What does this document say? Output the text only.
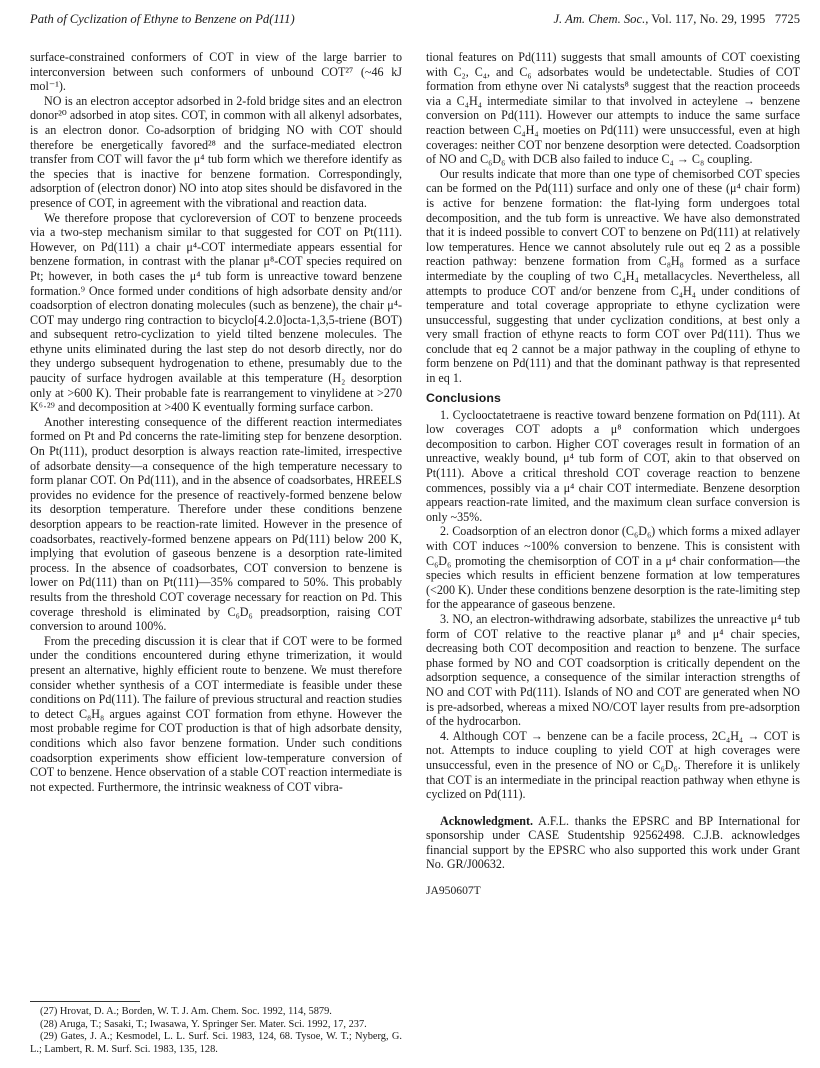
Path of Cyclization of Ethyne to Benzene on Pd(111)	J. Am. Chem. Soc., Vol. 117, No. 29, 1995 7725

surface-constrained conformers of COT in view of the large barrier to interconversion between such conformers of unbound COT²⁷ (~46 kJ mol⁻¹).

NO is an electron acceptor adsorbed in 2-fold bridge sites and an electron donor²⁰ adsorbed in atop sites. COT, in common with all alkenyl adsorbates, is an electron donor. Co-adsorption of bridging NO with COT should therefore be energetically favored²⁸ and the surface-mediated electron transfer from COT will favor the μ⁴ tub form which we therefore identify as the species that is inactive for benzene formation. Correspondingly, adsorption of (electron donor) NO into atop sites should be disfavored in the presence of COT, in agreement with the vibrational and reaction data.

We therefore propose that cycloreversion of COT to benzene proceeds via a two-step mechanism similar to that suggested for COT on Pt(111). However, on Pd(111) a chair μ⁴-COT intermediate appears essential for benzene formation, in contrast with the planar μ⁸-COT species required on Pt; however, in both cases the μ⁴ tub form is unreactive toward benzene formation.⁹ Once formed under conditions of high adsorbate density and/or coadsorption of electron donating molecules (such as benzene), the chair μ⁴-COT may undergo ring contraction to bicyclo[4.2.0]octa-1,3,5-triene (BOT) and subsequent retro-cyclization to yield tilted benzene molecules. The ethyne units eliminated during the last step do not desorb directly, nor do they undergo subsequent hydrogenation to ethene, presumably due to the paucity of surface hydrogen available at this temperature (H₂ desorption only at >600 K). Their probable fate is rearrangement to vinylidene at >270 K⁶·²⁹ and decomposition at >400 K eventually forming surface carbon.

Another interesting consequence of the different reaction intermediates formed on Pt and Pd concerns the rate-limiting step for benzene desorption. On Pt(111), product desorption is always reaction rate-limited, irrespective of adsorbate density—a consequence of the high temperature necessary to form planar COT. On Pd(111), and in the absence of coadsorbates, HREELS provides no evidence for the presence of reactively-formed benzene below its desorption temperature. Therefore under these conditions benzene desorption appears to be reaction-rate limited. However in the presence of coadsorbates, reactively-formed benzene appears on Pd(111) below 200 K, implying that evolution of gaseous benzene is a desorption rate-limited process. In the absence of coadsorbates, COT conversion to benzene is lower on Pd(111) than on Pt(111)—35% compared to 50%. This probably results from the threshold COT coverage necessary for reaction on Pd. This coverage threshold is eliminated by C₆D₆ preadsorption, raising COT conversion to around 100%.

From the preceding discussion it is clear that if COT were to be formed under the conditions encountered during ethyne trimerization, it would present an alternative, highly efficient route to benzene. We must therefore consider whether synthesis of a COT intermediate is feasible under these conditions on Pd(111). The failure of previous structural and reaction studies to detect C₈H₈ argues against COT formation from ethyne. However the most probable regime for COT production is that of high adsorbate density, conditions which also favor benzene formation. Under such conditions coadsorption experiments show efficient low-temperature conversion of COT to benzene. Hence observation of a stable COT reaction intermediate is not expected. Furthermore, the intrinsic weakness of COT vibra-

(27) Hrovat, D. A.; Borden, W. T. J. Am. Chem. Soc. 1992, 114, 5879.
(28) Aruga, T.; Sasaki, T.; Iwasawa, Y. Springer Ser. Mater. Sci. 1992, 17, 237.
(29) Gates, J. A.; Kesmodel, L. L. Surf. Sci. 1983, 124, 68. Tysoe, W. T.; Nyberg, G. L.; Lambert, R. M. Surf. Sci. 1983, 135, 128.

tional features on Pd(111) suggests that small amounts of COT coexisting with C₂, C₄, and C₆ adsorbates would be undetectable. Studies of COT formation from ethyne over Ni catalysts⁸ suggest that the reaction proceeds via a C₄H₄ intermediate similar to that involved in acteylene → benzene conversion on Pd(111). However our attempts to induce the same surface reaction between C₄H₄ moeties on Pd(111) were unsuccessful, even at high coverages: neither COT nor benzene desorption were detected. Coadsorption of NO and C₆D₆ with DCB also failed to induce C₄ → C₈ coupling.

Our results indicate that more than one type of chemisorbed COT species can be formed on the Pd(111) surface and only one of these (μ⁴ chair form) is active for benzene formation: the flat-lying form undergoes total decomposition, and the tub form is unreactive. We have also demonstrated that it is indeed possible to convert COT to benzene on Pd(111) at relatively low temperatures. Hence we cannot absolutely rule out eq 2 as a possible reaction pathway: benzene formation from C₈H₈ formed as a surface intermediate by the coupling of two C₄H₄ metallacycles. Nevertheless, all attempts to produce COT and/or benzene from C₄H₄ under conditions of temperature and total coverage appropriate to ethyne cyclization were unsuccessful, suggesting that under cyclization conditions, at best only a very small fraction of ethyne reacts to form COT over Pd(111). Thus we conclude that eq 2 cannot be a major pathway in the coupling of ethyne to form benzene on Pd(111) and that the dominant pathway is that represented in eq 1.

Conclusions

1. Cyclooctatetraene is reactive toward benzene formation on Pd(111). At low coverages COT adopts a μ⁸ conformation which undergoes decomposition to carbon. Higher COT coverages result in formation of an unreactive, weakly bound, μ⁴ tub form of COT, akin to that observed on Pt(111). Above a critical threshold COT coverage reaction to benzene commences, possibly via a μ⁴ chair COT intermediate. Benzene desorption appears reaction-rate limited, and the maximum clean surface conversion is only ~35%.

2. Coadsorption of an electron donor (C₆D₆) which forms a mixed adlayer with COT induces ~100% conversion to benzene. This is consistent with C₆D₆ promoting the chemisorption of COT in a μ⁴ chair conformation—the species which results in efficient benzene formation at low temperatures (<200 K). Under these conditions benzene desorption is the rate-limiting step for the appearance of gaseous benzene.

3. NO, an electron-withdrawing adsorbate, stabilizes the unreactive μ⁴ tub form of COT relative to the reactive planar μ⁸ and μ⁴ chair species, decreasing both COT decomposition and reaction to benzene. The surface phase formed by NO and COT coadsorption is critically dependent on the adsorption sequence, a consequence of the similar interaction strengths of NO and COT with Pd(111). Islands of NO and COT are generated when NO is pre-adsorbed, whereas a mixed NO/COT layer results from pre-adsorption of the hydrocarbon.

4. Although COT → benzene can be a facile process, 2C₄H₄ → COT is not. Attempts to induce coupling to yield COT at high coverages were unsuccessful, even in the presence of NO or C₆D₆. Therefore it is unlikely that COT is an intermediate in the principal reaction pathway when ethyne is cyclized on Pd(111).

Acknowledgment. A.F.L. thanks the EPSRC and BP International for sponsorship under CASE Studentship 92562498. C.J.B. acknowledges financial support by the EPSRC who also supported this work under Grant No. GR/J00632.

JA950607T
